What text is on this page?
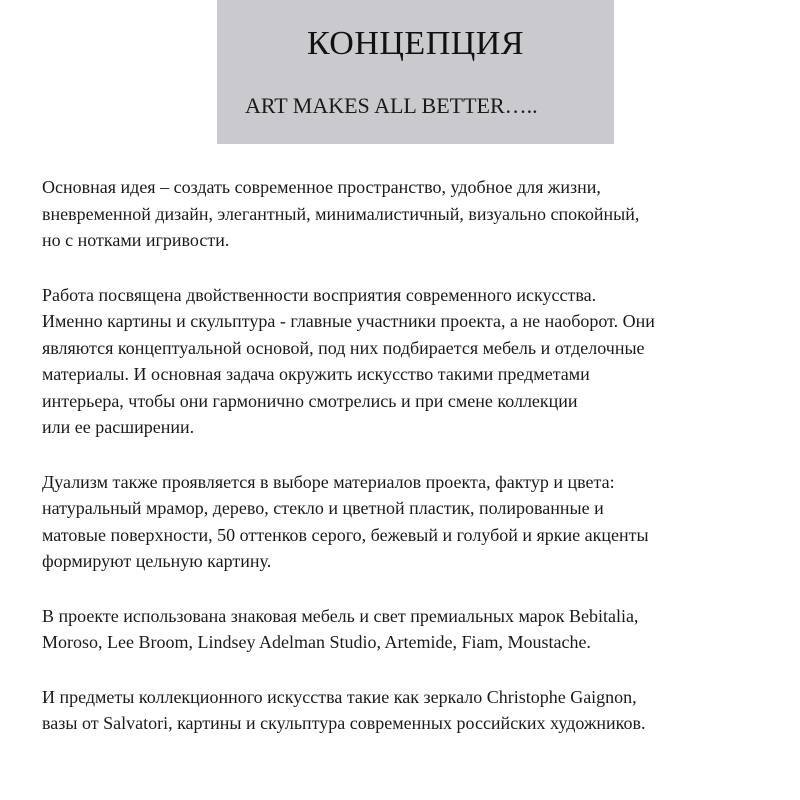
КОНЦЕПЦИЯ
ART MAKES ALL BETTER…..

Основная идея – создать современное пространство, удобное для жизни,
вневременной дизайн, элегантный, минималистичный, визуально спокойный,
но с нотками игривости.

Работа посвящена двойственности восприятия современного искусства.
Именно картины и скульптура - главные участники проекта, а не наоборот. Они
являются концептуальной основой, под них подбирается мебель и отделочные
материалы. И основная задача окружить искусство такими предметами
интерьера, чтобы они гармонично смотрелись и при смене коллекции
или ее расширении.

Дуализм также проявляется в выборе материалов проекта, фактур и цвета:
натуральный мрамор, дерево, стекло и цветной пластик, полированные и
матовые поверхности, 50 оттенков серого, бежевый и голубой и яркие акценты
формируют цельную картину.

В проекте использована знаковая мебель и свет премиальных марок Bebitalia,
Moroso, Lee Broom, Lindsey Adelman Studio, Artemide, Fiam, Moustache.

И предметы коллекционного искусства такие как зеркало Christophe Gaignon,
вазы от Salvatori, картины и скульптура современных российских художников.
